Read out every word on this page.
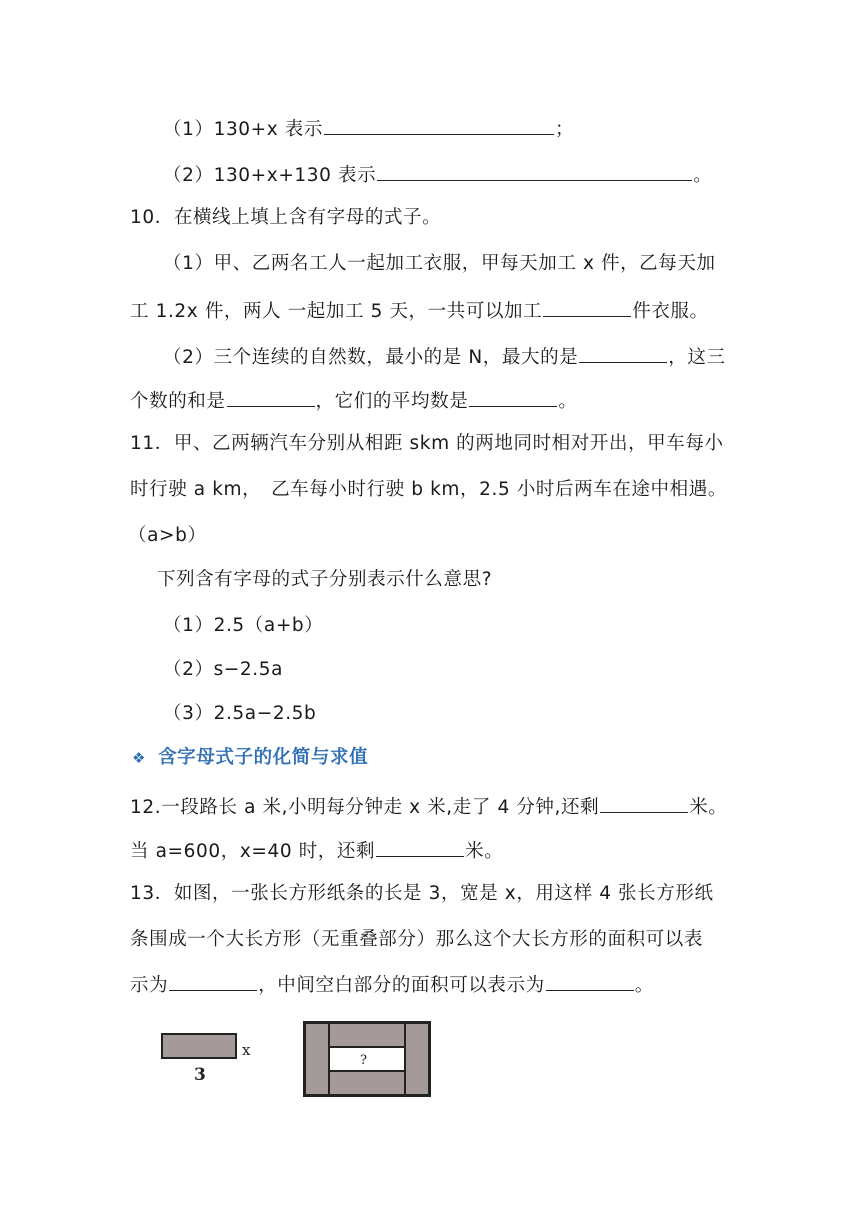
（1）130+x 表示	；
（2）130+x+130 表示	。
10．在横线上填上含有字母的式子。
（1）甲、乙两名工人一起加工衣服，甲每天加工 x 件，乙每天加
工 1.2x 件，两人 一起加工 5 天，一共可以加工	件衣服。
（2）三个连续的自然数，最小的是 N，最大的是	，这三
个数的和是	，它们的平均数是	。
11．甲、乙两辆汽车分别从相距 skm 的两地同时相对开出，甲车每小
时行驶 a km，　乙车每小时行驶 b km，2.5 小时后两车在途中相遇。
（a>b）
下列含有字母的式子分别表示什么意思?
（1）2.5（a+b）
（2）s−2.5a
（3）2.5a−2.5b
❖ 含字母式子的化简与求值
12.一段路长 a 米,小明每分钟走 x 米,走了 4 分钟,还剩	米。
当 a=600，x=40 时，还剩	米。
13．如图，一张长方形纸条的长是 3，宽是 x，用这样 4 张长方形纸
条围成一个大长方形（无重叠部分）那么这个大长方形的面积可以表
示为	，中间空白部分的面积可以表示为	。
x
3
?
